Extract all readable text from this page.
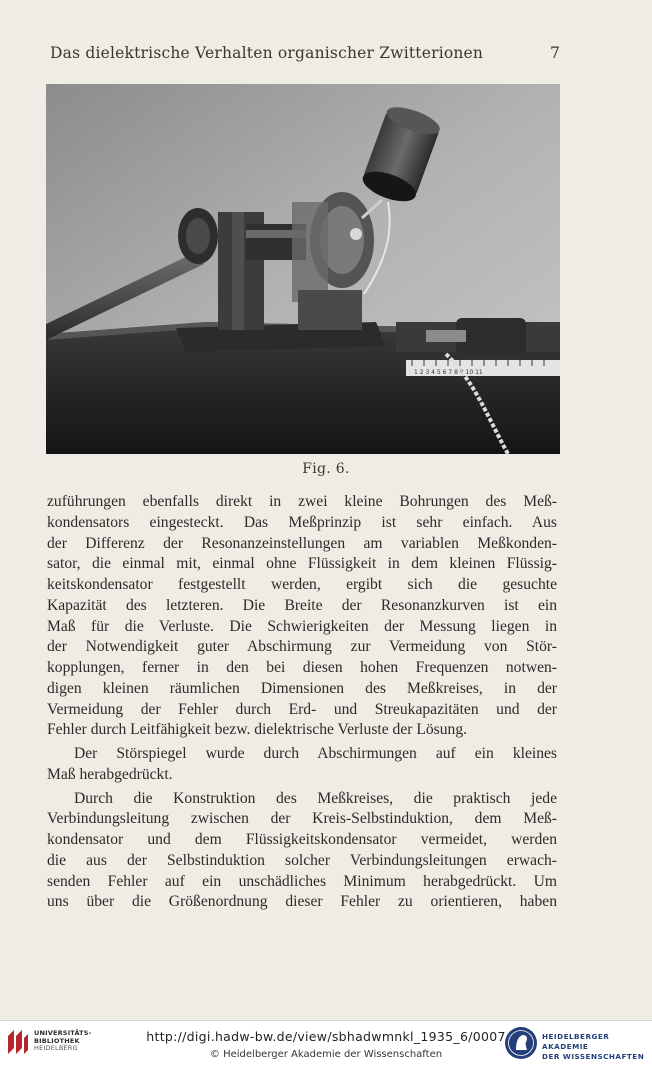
Das dielektrische Verhalten organischer Zwitterionen	7
1 2 3 4 5 6 7 8 9 10 11
Fig. 6.
zuführungen ebenfalls direkt in zwei kleine Bohrungen des Meß-
kondensators eingesteckt. Das Meßprinzip ist sehr einfach. Aus
der Differenz der Resonanzeinstellungen am variablen Meßkonden-
sator, die einmal mit, einmal ohne Flüssigkeit in dem kleinen Flüssig-
keitskondensator festgestellt werden, ergibt sich die gesuchte
Kapazität des letzteren. Die Breite der Resonanzkurven ist ein
Maß für die Verluste. Die Schwierigkeiten der Messung liegen in
der Notwendigkeit guter Abschirmung zur Vermeidung von Stör-
kopplungen, ferner in den bei diesen hohen Frequenzen notwen-
digen kleinen räumlichen Dimensionen des Meßkreises, in der
Vermeidung der Fehler durch Erd- und Streukapazitäten und der
Fehler durch Leitfähigkeit bezw. dielektrische Verluste der Lösung.
Der Störspiegel wurde durch Abschirmungen auf ein kleines
Maß herabgedrückt.
Durch die Konstruktion des Meßkreises, die praktisch jede
Verbindungsleitung zwischen der Kreis-Selbstinduktion, dem Meß-
kondensator und dem Flüssigkeitskondensator vermeidet, werden
die aus der Selbstinduktion solcher Verbindungsleitungen erwach-
senden Fehler auf ein unschädliches Minimum herabgedrückt. Um
uns über die Größenordnung dieser Fehler zu orientieren, haben
UNIVERSITÄTS-
BIBLIOTHEK
HEIDELBERG
http://digi.hadw-bw.de/view/sbhadwmnkl_1935_6/0007
© Heidelberger Akademie der Wissenschaften
HEIDELBERGER AKADEMIE
DER WISSENSCHAFTEN
